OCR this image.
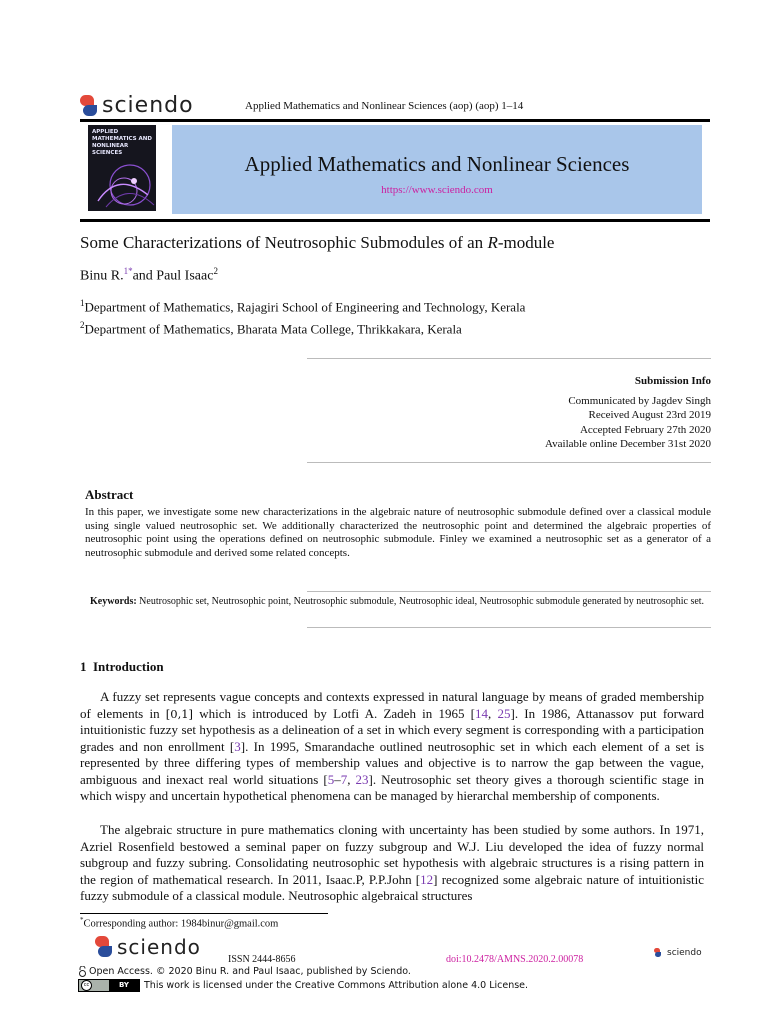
sciendo	Applied Mathematics and Nonlinear Sciences (aop) (aop) 1–14
APPLIED MATHEMATICS AND NONLINEAR SCIENCES	Applied Mathematics and Nonlinear Sciences
https://www.sciendo.com
Some Characterizations of Neutrosophic Submodules of an R-module
Binu R.$^{1*}$and Paul Isaac$^2$
$^1$Department of Mathematics, Rajagiri School of Engineering and Technology, Kerala
$^2$Department of Mathematics, Bharata Mata College, Thrikkakara, Kerala
Submission Info
Communicated by Jagdev Singh
Received August 23rd 2019
Accepted February 27th 2020
Available online December 31st 2020
Abstract

In this paper, we investigate some new characterizations in the algebraic nature of neutrosophic submodule defined over a classical module using single valued neutrosophic set. We additionally characterized the neutrosophic point and determined the algebraic properties of neutrosophic point using the operations defined on neutrosophic submodule. Finley we examined a neutrosophic set as a generator of a neutrosophic submodule and derived some related concepts.

Keywords: Neutrosophic set, Neutrosophic point, Neutrosophic submodule, Neutrosophic ideal, Neutrosophic submodule generated by neutrosophic set.

1  Introduction

A fuzzy set represents vague concepts and contexts expressed in natural language by means of graded membership of elements in [0,1] which is introduced by Lotfi A. Zadeh in 1965 [14, 25]. In 1986, Attanassov put forward intuitionistic fuzzy set hypothesis as a delineation of a set in which every segment is corresponding with a participation grades and non enrollment [3]. In 1995, Smarandache outlined neutrosophic set in which each element of a set is represented by three differing types of membership values and objective is to narrow the gap between the vague, ambiguous and inexact real world situations [5–7, 23]. Neutrosophic set theory gives a thorough scientific stage in which wispy and uncertain hypothetical phenomena can be managed by hierarchal membership of components.

The algebraic structure in pure mathematics cloning with uncertainty has been studied by some authors. In 1971, Azriel Rosenfield bestowed a seminal paper on fuzzy subgroup and W.J. Liu developed the idea of fuzzy normal subgroup and fuzzy subring. Consolidating neutrosophic set hypothesis with algebraic structures is a rising pattern in the region of mathematical research. In 2011, Isaac.P, P.P.John [12] recognized some algebraic nature of intuitionistic fuzzy submodule of a classical module. Neutrosophic algebraical structures

*Corresponding author: 1984binur@gmail.com
sciendo
ISSN 2444-8656	doi:10.2478/AMNS.2020.2.00078
sciendo
Open Access. © 2020 Binu R. and Paul Isaac, published by Sciendo.
cc	BY	This work is licensed under the Creative Commons Attribution alone 4.0 License.
